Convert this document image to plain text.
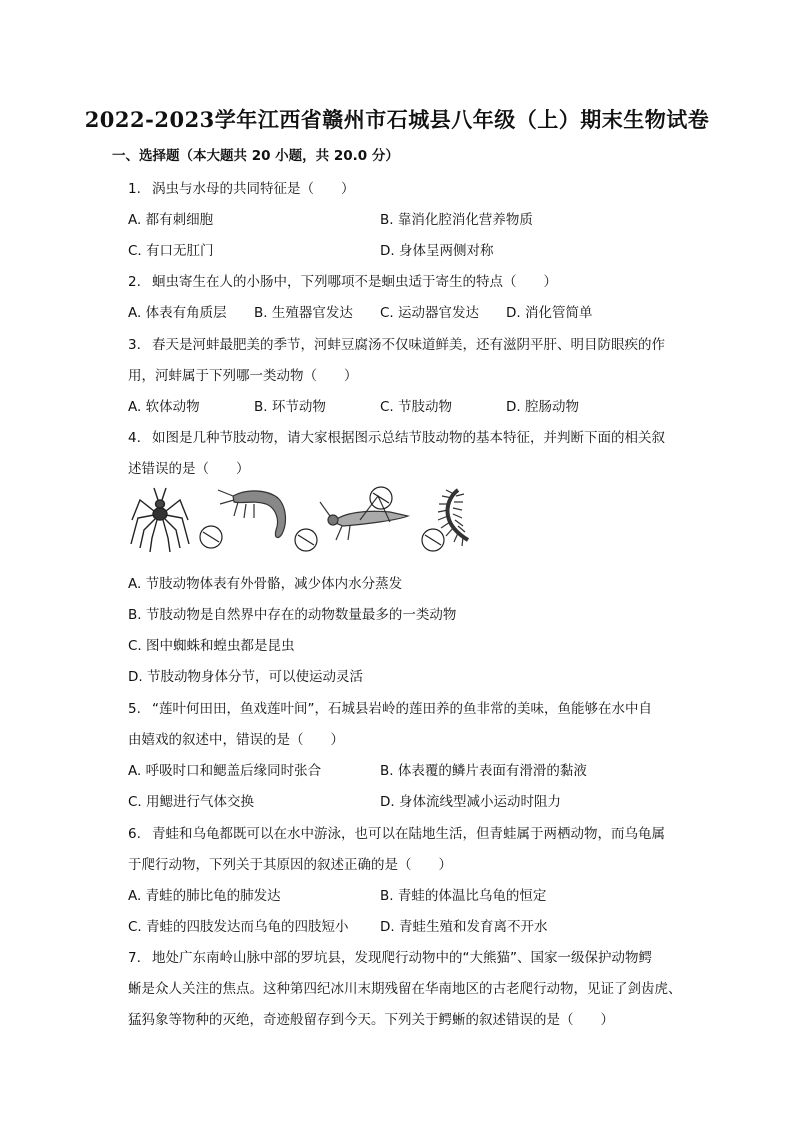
2022-2023学年江西省赣州市石城县八年级（上）期末生物试卷
一、选择题（本大题共 20 小题，共 20.0 分）
1. 涡虫与水母的共同特征是（　　）
A. 都有刺细胞	B. 靠消化腔消化营养物质
C. 有口无肛门	D. 身体呈两侧对称
2. 蛔虫寄生在人的小肠中，下列哪项不是蛔虫适于寄生的特点（　　）
A. 体表有角质层 B. 生殖器官发达 C. 运动器官发达 D. 消化管简单
3. 春天是河蚌最肥美的季节，河蚌豆腐汤不仅味道鲜美，还有滋阴平肝、明目防眼疾的作
用，河蚌属于下列哪一类动物（　　）
A. 软体动物	B. 环节动物	C. 节肢动物	D. 腔肠动物
4. 如图是几种节肢动物，请大家根据图示总结节肢动物的基本特征，并判断下面的相关叙
述错误的是（　　）
A. 节肢动物体表有外骨骼，减少体内水分蒸发
B. 节肢动物是自然界中存在的动物数量最多的一类动物
C. 图中蜘蛛和蝗虫都是昆虫
D. 节肢动物身体分节，可以使运动灵活
5. “莲叶何田田，鱼戏莲叶间”，石城县岩岭的莲田养的鱼非常的美味，鱼能够在水中自
由嬉戏的叙述中，错误的是（　　）
A. 呼吸时口和鳃盖后缘同时张合	B. 体表覆的鳞片表面有滑滑的黏液
C. 用鳃进行气体交换	D. 身体流线型减小运动时阻力
6. 青蛙和乌龟都既可以在水中游泳，也可以在陆地生活，但青蛙属于两栖动物，而乌龟属
于爬行动物，下列关于其原因的叙述正确的是（　　）
A. 青蛙的肺比龟的肺发达	B. 青蛙的体温比乌龟的恒定
C. 青蛙的四肢发达而乌龟的四肢短小 D. 青蛙生殖和发育离不开水
7. 地处广东南岭山脉中部的罗坑县，发现爬行动物中的“大熊猫”、国家一级保护动物鳄
蜥是众人关注的焦点。这种第四纪冰川末期残留在华南地区的古老爬行动物，见证了剑齿虎、
猛犸象等物种的灭绝，奇迹般留存到今天。下列关于鳄蜥的叙述错误的是（　　）
